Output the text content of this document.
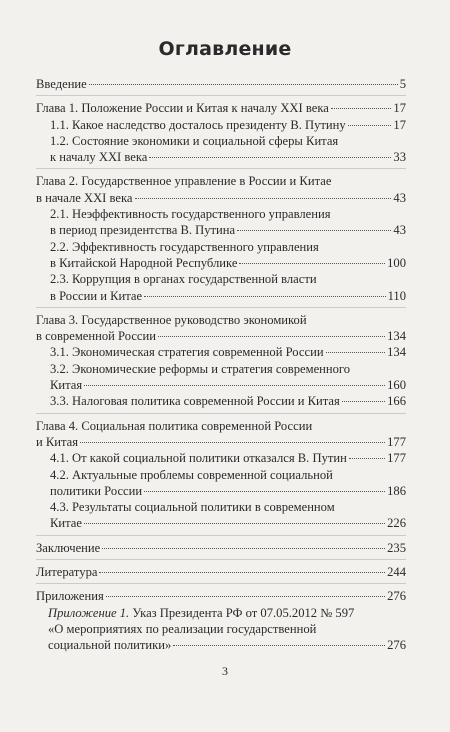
Оглавление
Введение	5
Глава 1. Положение России и Китая к началу XXI века	17
1.1. Какое наследство досталось президенту В. Путину	17
1.2. Состояние экономики и социальной сферы Китая
к началу XXI века	33
Глава 2. Государственное управление в России и Китае
в начале XXI века	43
2.1. Неэффективность государственного управления
в период президентства В. Путина	43
2.2. Эффективность государственного управления
в Китайской Народной Республике	100
2.3. Коррупция в органах государственной власти
в России и Китае	110
Глава 3. Государственное руководство экономикой
в современной России	134
3.1. Экономическая стратегия современной России	134
3.2. Экономические реформы и стратегия современного
Китая	160
3.3. Налоговая политика современной России и Китая	166
Глава 4. Социальная политика современной России
и Китая	177
4.1. От какой социальной политики отказался В. Путин	177
4.2. Актуальные проблемы современной социальной
политики России	186
4.3. Результаты социальной политики в современном
Китае	226
Заключение	235
Литература	244
Приложения	276
Приложение 1. Указ Президента РФ от 07.05.2012 № 597
«О мероприятиях по реализации государственной
социальной политики»	276
3
